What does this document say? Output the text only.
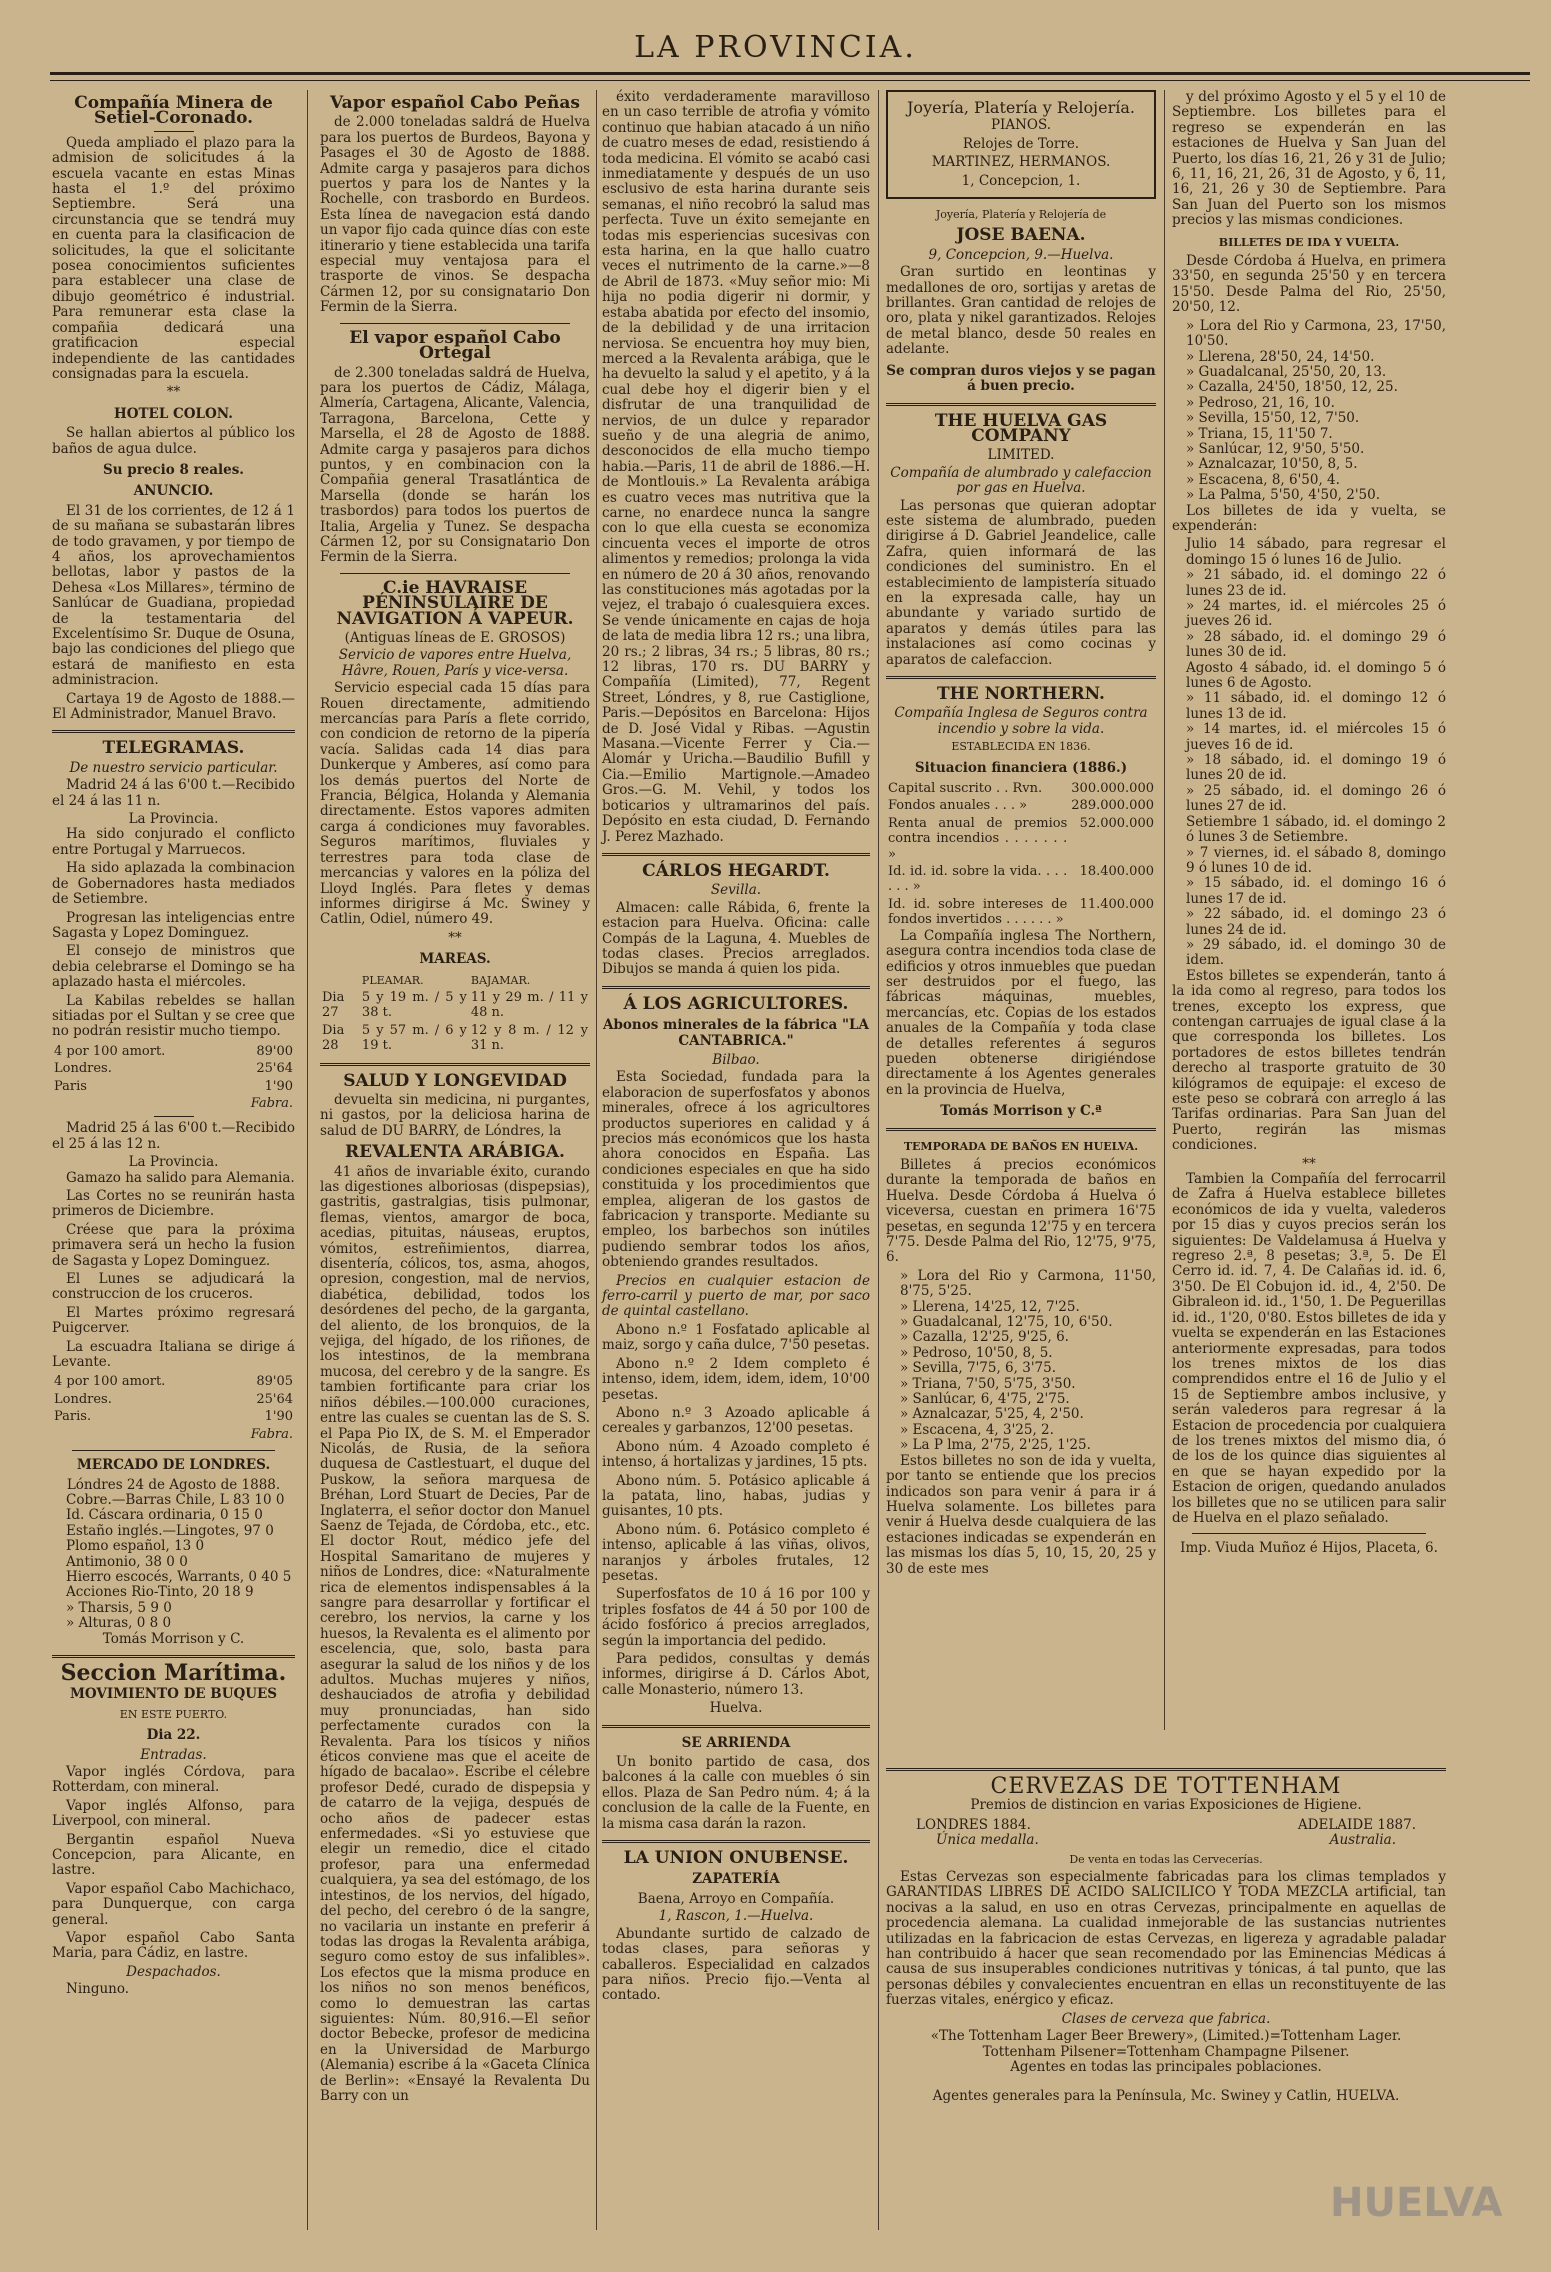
LA PROVINCIA.
Compañía Minera de Setiel-Coronado.

Queda ampliado el plazo para la admision de solicitudes á la escuela vacante en estas Minas hasta el 1.º del próximo Septiembre. Será una circunstancia que se tendrá muy en cuenta para la clasificacion de solicitudes, la que el solicitante posea conocimientos suficientes para establecer una clase de dibujo geométrico é industrial. Para remunerar esta clase la compañia dedicará una gratificacion especial independiente de las cantidades consignadas para la escuela.

**
HOTEL COLON.

Se hallan abiertos al público los baños de agua dulce.

Su precio 8 reales.
ANUNCIO.

El 31 de los corrientes, de 12 á 1 de su mañana se subastarán libres de todo gravamen, y por tiempo de 4 años, los aprovechamientos bellotas, labor y pastos de la Dehesa «Los Millares», término de Sanlúcar de Guadiana, propiedad de la testamentaria del Excelentísimo Sr. Duque de Osuna, bajo las condiciones del pliego que estará de manifiesto en esta administracion.

Cartaya 19 de Agosto de 1888.—El Administrador, Manuel Bravo.

TELEGRAMAS.
De nuestro servicio particular.

Madrid 24 á las 6'00 t.—Recibido el 24 á las 11 n.

La Provincia.

Ha sido conjurado el conflicto entre Portugal y Marruecos.

Ha sido aplazada la combinacion de Gobernadores hasta mediados de Setiembre.

Progresan las inteligencias entre Sagasta y Lopez Dominguez.

El consejo de ministros que debia celebrarse el Domingo se ha aplazado hasta el miércoles.

La Kabilas rebeldes se hallan sitiadas por el Sultan y se cree que no podrán resistir mucho tiempo.

4 por 100 amort.	89'00
Londres.	25'64
Paris	1'90
	Fabra.

Madrid 25 á las 6'00 t.—Recibido el 25 á las 12 n.

La Provincia.

Gamazo ha salido para Alemania.

Las Cortes no se reunirán hasta primeros de Diciembre.

Créese que para la próxima primavera será un hecho la fusion de Sagasta y Lopez Dominguez.

El Lunes se adjudicará la construccion de los cruceros.

El Martes próximo regresará Puigcerver.

La escuadra Italiana se dirige á Levante.

4 por 100 amort.	89'05
Londres.	25'64
Paris.	1'90
	Fabra.
MERCADO DE LONDRES.
Lóndres 24 de Agosto de 1888.
Cobre.—Barras Chile, L 83 10 0
Id. Cáscara ordinaria, 0 15 0
Estaño inglés.—Lingotes, 97 0
Plomo español, 13 0
Antimonio, 38 0 0
Hierro escocés, Warrants, 0 40 5
Acciones Rio-Tinto, 20 18 9
» Tharsis, 5 9 0
» Alturas, 0 8 0
Tomás Morrison y C.
Seccion Marítima.
MOVIMIENTO DE BUQUES
EN ESTE PUERTO.
Dia 22.
Entradas.

Vapor inglés Córdova, para Rotterdam, con mineral.

Vapor inglés Alfonso, para Liverpool, con mineral.

Bergantin español Nueva Concepcion, para Alicante, en lastre.

Vapor español Cabo Machichaco, para Dunquerque, con carga general.

Vapor español Cabo Santa Maria, para Cádiz, en lastre.

Despachados.

Ninguno.

Vapor español Cabo Peñas

de 2.000 toneladas saldrá de Huelva para los puertos de Burdeos, Bayona y Pasages el 30 de Agosto de 1888. Admite carga y pasajeros para dichos puertos y para los de Nantes y la Rochelle, con trasbordo en Burdeos. Esta línea de navegacion está dando un vapor fijo cada quince días con este itinerario y tiene establecida una tarifa especial muy ventajosa para el trasporte de vinos. Se despacha Cármen 12, por su consignatario Don Fermin de la Sierra.

El vapor español Cabo Ortegal

de 2.300 toneladas saldrá de Huelva, para los puertos de Cádiz, Málaga, Almería, Cartagena, Alicante, Valencia, Tarragona, Barcelona, Cette y Marsella, el 28 de Agosto de 1888. Admite carga y pasajeros para dichos puntos, y en combinacion con la Compañia general Trasatlántica de Marsella (donde se harán los trasbordos) para todos los puertos de Italia, Argelia y Tunez. Se despacha Cármen 12, por su Consignatario Don Fermin de la Sierra.

C.ie HAVRAISE PÉNINSULAIRE DE NAVIGATION Á VAPEUR.
(Antiguas líneas de E. GROSOS)
Servicio de vapores entre Huelva, Hâvre, Rouen, París y vice-versa.

Servicio especial cada 15 días para Rouen directamente, admitiendo mercancías para París a flete corrido, con condicion de retorno de la pipería vacía. Salidas cada 14 dias para Dunkerque y Amberes, así como para los demás puertos del Norte de Francia, Bélgica, Holanda y Alemania directamente. Estos vapores admiten carga á condiciones muy favorables. Seguros marítimos, fluviales y terrestres para toda clase de mercancias y valores en la póliza del Lloyd Inglés. Para fletes y demas informes dirigirse á Mc. Swiney y Catlin, Odiel, número 49.

**
MAREAS.
	PLEAMAR.	BAJAMAR.
Dia 27	5 y 19 m. / 5 y 38 t.	11 y 29 m. / 11 y 48 n.
Dia 28	5 y 57 m. / 6 y 19 t.	12 y 8 m. / 12 y 31 n.
SALUD Y LONGEVIDAD

devuelta sin medicina, ni purgantes, ni gastos, por la deliciosa harina de salud de DU BARRY, de Lóndres, la

REVALENTA ARÁBIGA.

41 años de invariable éxito, curando las digestiones alboriosas (dispepsias), gastritis, gastralgias, tisis pulmonar, flemas, vientos, amargor de boca, acedias, pituitas, náuseas, eruptos, vómitos, estreñimientos, diarrea, disentería, cólicos, tos, asma, ahogos, opresion, congestion, mal de nervios, diabética, debilidad, todos los desórdenes del pecho, de la garganta, del aliento, de los bronquios, de la vejiga, del hígado, de los riñones, de los intestinos, de la membrana mucosa, del cerebro y de la sangre. Es tambien fortificante para criar los niños débiles.—100.000 curaciones, entre las cuales se cuentan las de S. S. el Papa Pio IX, de S. M. el Emperador Nicolás, de Rusia, de la señora duquesa de Castlestuart, el duque del Puskow, la señora marquesa de Bréhan, Lord Stuart de Decies, Par de Inglaterra, el señor doctor don Manuel Saenz de Tejada, de Córdoba, etc., etc. El doctor Rout, médico jefe del Hospital Samaritano de mujeres y niños de Londres, dice: «Naturalmente rica de elementos indispensables á la sangre para desarrollar y fortificar el cerebro, los nervios, la carne y los huesos, la Revalenta es el alimento por escelencia, que, solo, basta para asegurar la salud de los niños y de los adultos. Muchas mujeres y niños, deshauciados de atrofia y debilidad muy pronunciadas, han sido perfectamente curados con la Revalenta. Para los tísicos y niños éticos conviene mas que el aceite de hígado de bacalao». Escribe el célebre profesor Dedé, curado de dispepsia y de catarro de la vejiga, después de ocho años de padecer estas enfermedades. «Si yo estuviese que elegir un remedio, dice el citado profesor, para una enfermedad cualquiera, ya sea del estómago, de los intestinos, de los nervios, del hígado, del pecho, del cerebro ó de la sangre, no vacilaria un instante en preferir á todas las drogas la Revalenta arábiga, seguro como estoy de sus infalibles». Los efectos que la misma produce en los niños no son menos benéficos, como lo demuestran las cartas siguientes: Núm. 80,916.—El señor doctor Bebecke, profesor de medicina en la Universidad de Marburgo (Alemania) escribe á la «Gaceta Clínica de Berlin»: «Ensayé la Revalenta Du Barry con un

éxito verdaderamente maravilloso en un caso terrible de atrofia y vómito continuo que habian atacado á un niño de cuatro meses de edad, resistiendo á toda medicina. El vómito se acabó casi inmediatamente y después de un uso esclusivo de esta harina durante seis semanas, el niño recobró la salud mas perfecta. Tuve un éxito semejante en todas mis esperiencias sucesivas con esta harina, en la que hallo cuatro veces el nutrimento de la carne.»—8 de Abril de 1873. «Muy señor mio: Mi hija no podia digerir ni dormir, y estaba abatida por efecto del insomio, de la debilidad y de una irritacion nerviosa. Se encuentra hoy muy bien, merced a la Revalenta arábiga, que le ha devuelto la salud y el apetito, y á la cual debe hoy el digerir bien y el disfrutar de una tranquilidad de nervios, de un dulce y reparador sueño y de una alegria de animo, desconocidos de ella mucho tiempo habia.—Paris, 11 de abril de 1886.—H. de Montlouis.» La Revalenta arábiga es cuatro veces mas nutritiva que la carne, no enardece nunca la sangre con lo que ella cuesta se economiza cincuenta veces el importe de otros alimentos y remedios; prolonga la vida en número de 20 á 30 años, renovando las constituciones más agotadas por la vejez, el trabajo ó cualesquiera exces. Se vende únicamente en cajas de hoja de lata de media libra 12 rs.; una libra, 20 rs.; 2 libras, 34 rs.; 5 libras, 80 rs.; 12 libras, 170 rs. DU BARRY y Compañía (Limited), 77, Regent Street, Lóndres, y 8, rue Castiglione, Paris.—Depósitos en Barcelona: Hijos de D. José Vidal y Ribas. —Agustin Masana.—Vicente Ferrer y Cia.—Alomár y Uricha.—Baudilio Bufill y Cia.—Emilio Martignole.—Amadeo Gros.—G. M. Vehil, y todos los boticarios y ultramarinos del país. Depósito en esta ciudad, D. Fernando J. Perez Mazhado.

CÁRLOS HEGARDT.
Sevilla.

Almacen: calle Rábida, 6, frente la estacion para Huelva. Oficina: calle Compás de la Laguna, 4. Muebles de todas clases. Precios arreglados. Dibujos se manda á quien los pida.

Á LOS AGRICULTORES.
Abonos minerales de la fábrica "LA CANTABRICA."
Bilbao.

Esta Sociedad, fundada para la elaboracion de superfosfatos y abonos minerales, ofrece á los agricultores productos superiores en calidad y á precios más económicos que los hasta ahora conocidos en España. Las condiciones especiales en que ha sido constituida y los procedimientos que emplea, aligeran de los gastos de fabricacion y transporte. Mediante su empleo, los barbechos son inútiles pudiendo sembrar todos los años, obteniendo grandes resultados.

Precios en cualquier estacion de ferro-carril y puerto de mar, por saco de quintal castellano.

Abono n.º 1 Fosfatado aplicable al maiz, sorgo y caña dulce, 7'50 pesetas.

Abono n.º 2 Idem completo é intenso, idem, idem, idem, idem, 10'00 pesetas.

Abono n.º 3 Azoado aplicable á cereales y garbanzos, 12'00 pesetas.

Abono núm. 4 Azoado completo é intenso, á hortalizas y jardines, 15 pts.

Abono núm. 5. Potásico aplicable á la patata, lino, habas, judias y guisantes, 10 pts.

Abono núm. 6. Potásico completo é intenso, aplicable á las viñas, olivos, naranjos y árboles frutales, 12 pesetas.

Superfosfatos de 10 á 16 por 100 y triples fosfatos de 44 á 50 por 100 de ácido fosfórico á precios arreglados, según la importancia del pedido.

Para pedidos, consultas y demás informes, dirigirse á D. Cárlos Abot, calle Monasterio, número 13.

Huelva.
SE ARRIENDA

Un bonito partido de casa, dos balcones á la calle con muebles ó sin ellos. Plaza de San Pedro núm. 4; á la conclusion de la calle de la Fuente, en la misma casa darán la razon.

LA UNION ONUBENSE.
ZAPATERÍA
Baena, Arroyo en Compañía.
1, Rascon, 1.—Huelva.

Abundante surtido de calzado de todas clases, para señoras y caballeros. Especialidad en calzados para niños. Precio fijo.—Venta al contado.

Joyería, Platería y Relojería.
PIANOS.
Relojes de Torre.
MARTINEZ, HERMANOS.
1, Concepcion, 1.
Joyería, Platería y Relojería de
JOSE BAENA.
9, Concepcion, 9.—Huelva.

Gran surtido en leontinas y medallones de oro, sortijas y aretas de brillantes. Gran cantidad de relojes de oro, plata y nikel garantizados. Relojes de metal blanco, desde 50 reales en adelante.

Se compran duros viejos y se pagan á buen precio.
THE HUELVA GAS COMPANY
LIMITED.
Compañía de alumbrado y calefaccion por gas en Huelva.

Las personas que quieran adoptar este sistema de alumbrado, pueden dirigirse á D. Gabriel Jeandelice, calle Zafra, quien informará de las condiciones del suministro. En el establecimiento de lampistería situado en la expresada calle, hay un abundante y variado surtido de aparatos y demás útiles para las instalaciones así como cocinas y aparatos de calefaccion.

THE NORTHERN.
Compañía Inglesa de Seguros contra incendio y sobre la vida.
ESTABLECIDA EN 1836.
Situacion financiera (1886.)
Capital suscrito . . Rvn.	300.000.000
Fondos anuales . . . »	289.000.000
Renta anual de premios contra incendios . . . . . . . »	52.000.000
Id. id. id. sobre la vida. . . . . . . »	18.400.000
Id. id. sobre intereses de fondos invertidos . . . . . . »	11.400.000

La Compañía inglesa The Northern, asegura contra incendios toda clase de edificios y otros inmuebles que puedan ser destruidos por el fuego, las fábricas máquinas, muebles, mercancías, etc. Copias de los estados anuales de la Compañía y toda clase de detalles referentes á seguros pueden obtenerse dirigiéndose directamente á los Agentes generales en la provincia de Huelva,

Tomás Morrison y C.ª
TEMPORADA DE BAÑOS EN HUELVA.

Billetes á precios económicos durante la temporada de baños en Huelva. Desde Córdoba á Huelva ó viceversa, cuestan en primera 16'75 pesetas, en segunda 12'75 y en tercera 7'75. Desde Palma del Rio, 12'75, 9'75, 6.

» Lora del Rio y Carmona, 11'50, 8'75, 5'25.
» Llerena, 14'25, 12, 7'25.
» Guadalcanal, 12'75, 10, 6'50.
» Cazalla, 12'25, 9'25, 6.
» Pedroso, 10'50, 8, 5.
» Sevilla, 7'75, 6, 3'75.
» Triana, 7'50, 5'75, 3'50.
» Sanlúcar, 6, 4'75, 2'75.
» Aznalcazar, 5'25, 4, 2'50.
» Escacena, 4, 3'25, 2.
» La P lma, 2'75, 2'25, 1'25.

Estos billetes no son de ida y vuelta, por tanto se entiende que los precios indicados son para venir á para ir á Huelva solamente. Los billetes para venir á Huelva desde cualquiera de las estaciones indicadas se expenderán en las mismas los días 5, 10, 15, 20, 25 y 30 de este mes

y del próximo Agosto y el 5 y el 10 de Septiembre. Los billetes para el regreso se expenderán en las estaciones de Huelva y San Juan del Puerto, los días 16, 21, 26 y 31 de Julio; 6, 11, 16, 21, 26, 31 de Agosto, y 6, 11, 16, 21, 26 y 30 de Septiembre. Para San Juan del Puerto son los mismos precios y las mismas condiciones.

BILLETES DE IDA Y VUELTA.

Desde Córdoba á Huelva, en primera 33'50, en segunda 25'50 y en tercera 15'50. Desde Palma del Rio, 25'50, 20'50, 12.

» Lora del Rio y Carmona, 23, 17'50, 10'50.
» Llerena, 28'50, 24, 14'50.
» Guadalcanal, 25'50, 20, 13.
» Cazalla, 24'50, 18'50, 12, 25.
» Pedroso, 21, 16, 10.
» Sevilla, 15'50, 12, 7'50.
» Triana, 15, 11'50 7.
» Sanlúcar, 12, 9'50, 5'50.
» Aznalcazar, 10'50, 8, 5.
» Escacena, 8, 6'50, 4.
» La Palma, 5'50, 4'50, 2'50.

Los billetes de ida y vuelta, se expenderán:

Julio 14 sábado, para regresar el domingo 15 ó lunes 16 de Julio.
» 21 sábado, id. el domingo 22 ó lunes 23 de id.
» 24 martes, id. el miércoles 25 ó jueves 26 id.
» 28 sábado, id. el domingo 29 ó lunes 30 de id.
Agosto 4 sábado, id. el domingo 5 ó lunes 6 de Agosto.
» 11 sábado, id. el domingo 12 ó lunes 13 de id.
» 14 martes, id. el miércoles 15 ó jueves 16 de id.
» 18 sábado, id. el domingo 19 ó lunes 20 de id.
» 25 sábado, id. el domingo 26 ó lunes 27 de id.
Setiembre 1 sábado, id. el domingo 2 ó lunes 3 de Setiembre.
» 7 viernes, id. el sábado 8, domingo 9 ó lunes 10 de id.
» 15 sábado, id. el domingo 16 ó lunes 17 de id.
» 22 sábado, id. el domingo 23 ó lunes 24 de id.
» 29 sábado, id. el domingo 30 de idem.

Estos billetes se expenderán, tanto á la ida como al regreso, para todos los trenes, excepto los express, que contengan carruajes de igual clase á la que corresponda los billetes. Los portadores de estos billetes tendrán derecho al trasporte gratuito de 30 kilógramos de equipaje: el exceso de este peso se cobrará con arreglo á las Tarifas ordinarias. Para San Juan del Puerto, regirán las mismas condiciones.

**

Tambien la Compañía del ferrocarril de Zafra á Huelva establece billetes económicos de ida y vuelta, valederos por 15 dias y cuyos precios serán los siguientes: De Valdelamusa á Huelva y regreso 2.ª, 8 pesetas; 3.ª, 5. De El Cerro id. id. 7, 4. De Calañas id. id. 6, 3'50. De El Cobujon id. id., 4, 2'50. De Gibraleon id. id., 1'50, 1. De Peguerillas id. id., 1'20, 0'80. Estos billetes de ida y vuelta se expenderán en las Estaciones anteriormente expresadas, para todos los trenes mixtos de los dias comprendidos entre el 16 de Julio y el 15 de Septiembre ambos inclusive, y serán valederos para regresar á la Estacion de procedencia por cualquiera de los trenes mixtos del mismo dia, ó de los de los quince dias siguientes al en que se hayan expedido por la Estacion de origen, quedando anulados los billetes que no se utilicen para salir de Huelva en el plazo señalado.

Imp. Viuda Muñoz é Hijos, Placeta, 6.
CERVEZAS DE TOTTENHAM
Premios de distincion en varias Exposiciones de Higiene.
LONDRES 1884.	ADELAIDE 1887.
Única medalla.	Australia.
De venta en todas las Cervecerías.

Estas Cervezas son especialmente fabricadas para los climas templados y GARANTIDAS LIBRES DE ACIDO SALICILICO Y TODA MEZCLA artificial, tan nocivas a la salud, en uso en otras Cervezas, principalmente en aquellas de procedencia alemana. La cualidad inmejorable de las sustancias nutrientes utilizadas en la fabricacion de estas Cervezas, en ligereza y agradable paladar han contribuido á hacer que sean recomendado por las Eminencias Médicas á causa de sus insuperables condiciones nutritivas y tónicas, á tal punto, que las personas débiles y convalecientes encuentran en ellas un reconstituyente de las fuerzas vitales, enérgico y eficaz.

Clases de cerveza que fabrica.
«The Tottenham Lager Beer Brewery», (Limited.)=Tottenham Lager.
Tottenham Pilsener=Tottenham Champagne Pilsener.
Agentes en todas las principales poblaciones.
Agentes generales para la Península, Mc. Swiney y Catlin, HUELVA.
HUELVA
